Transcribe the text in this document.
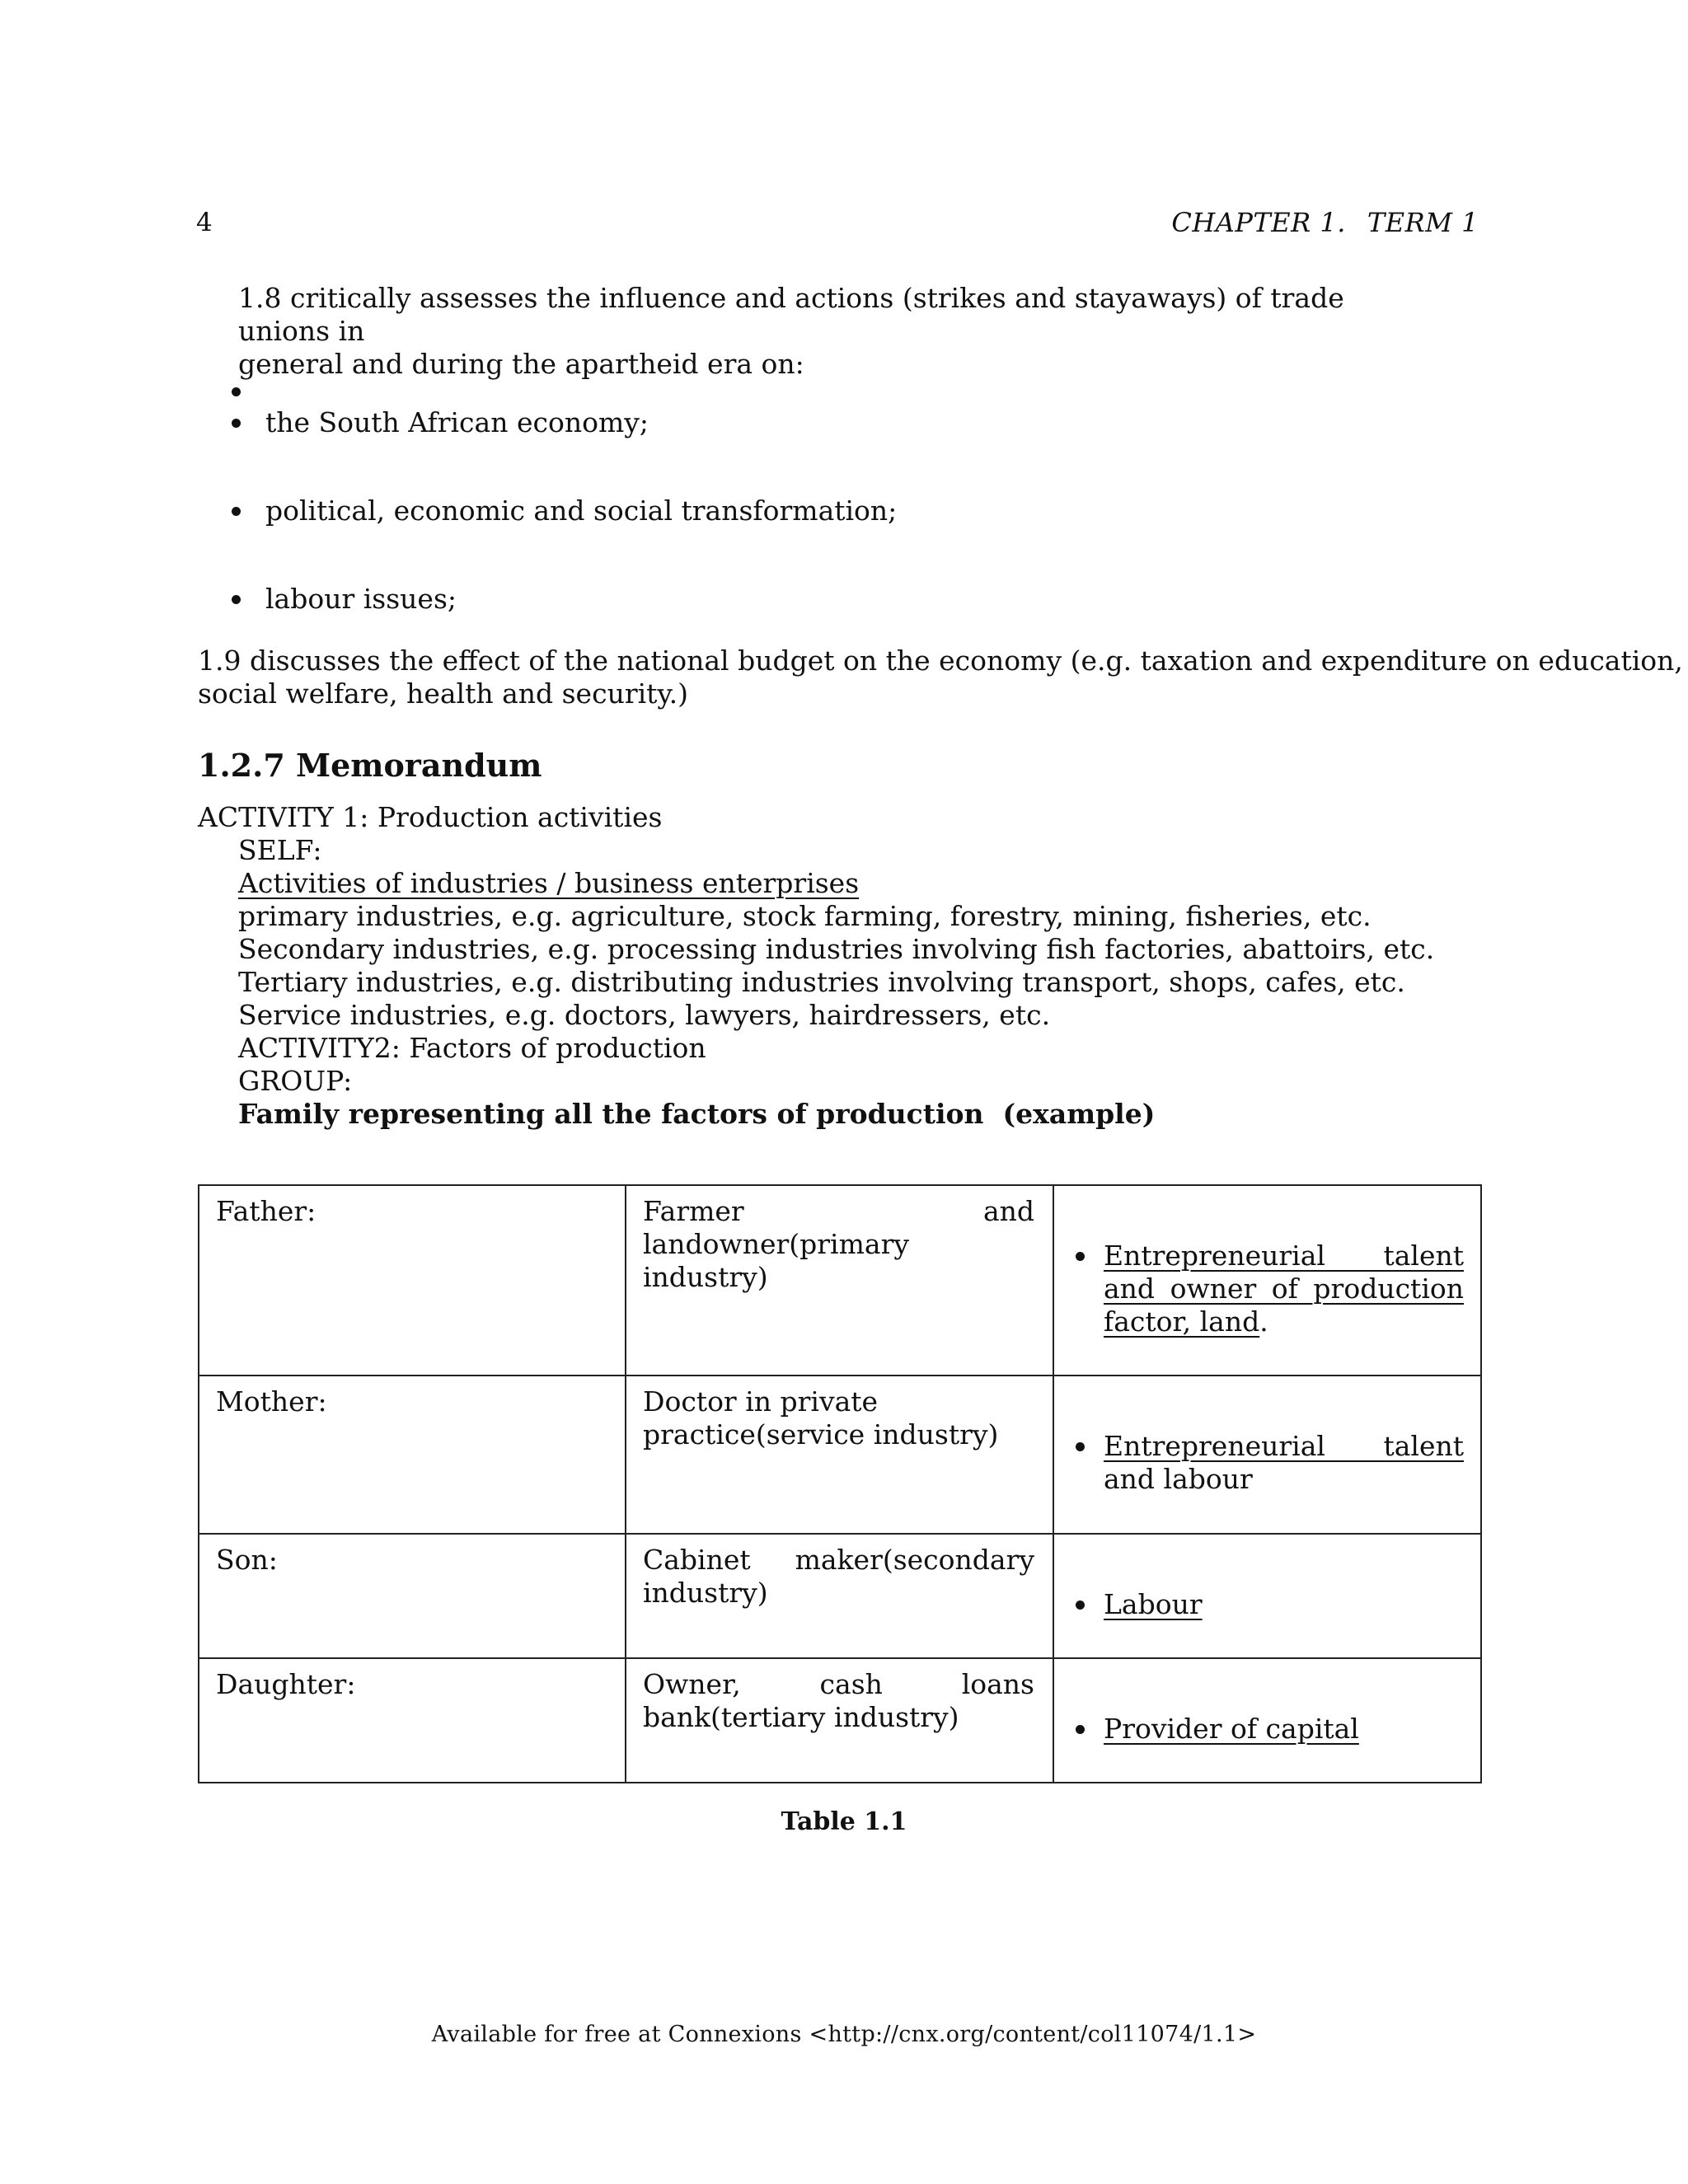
4	CHAPTER 1. TERM 1
1.8 critically assesses the influence and actions (strikes and stayaways) of trade unions in
general and during the apartheid era on:
the South African economy;
political, economic and social transformation;
labour issues;
1.9 discusses the effect of the national budget on the economy (e.g. taxation and expenditure on education,
social welfare, health and security.)
1.2.7 Memorandum
ACTIVITY 1: Production activities
SELF:
Activities of industries / business enterprises
primary industries, e.g. agriculture, stock farming, forestry, mining, fisheries, etc.
Secondary industries, e.g. processing industries involving fish factories, abattoirs, etc.
Tertiary industries, e.g. distributing industries involving transport, shops, cafes, etc.
Service industries, e.g. doctors, lawyers, hairdressers, etc.
ACTIVITY2: Factors of production
GROUP:
Family representing all the factors of production  (example)
Father:	Farmer and landowner(primary industry)	Entrepreneurial talent and owner of production factor, land.

Mother:	Doctor in private practice(service industry)	Entrepreneurial talent and labour

Son:	Cabinet maker(secondary industry)	Labour

Daughter:	Owner, cash loans bank(tertiary industry)	Provider of capital
Table 1.1
Available for free at Connexions <http://cnx.org/content/col11074/1.1>
